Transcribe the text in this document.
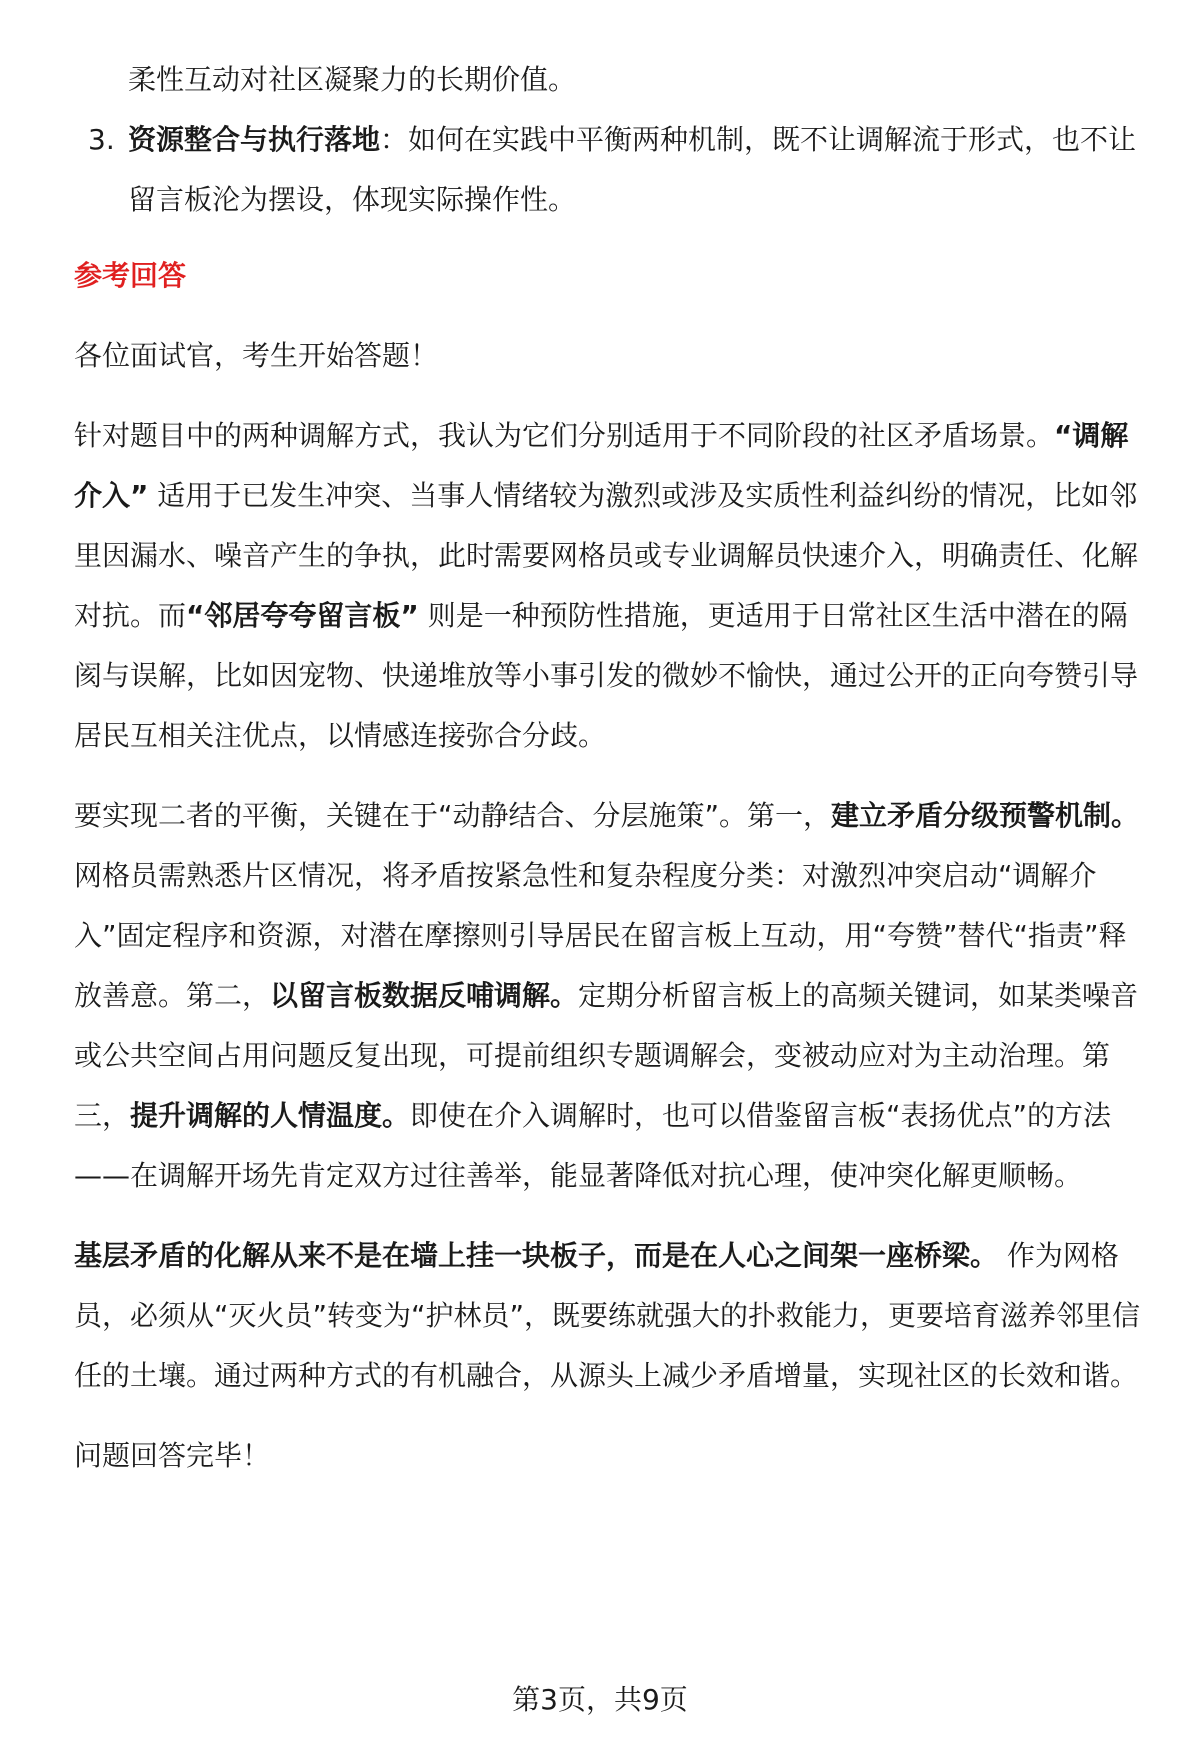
柔性互动对社区凝聚力的长期价值。

3. 资源整合与执行落地：如何在实践中平衡两种机制，既不让调解流于形式，也不让留言板沦为摆设，体现实际操作性。

参考回答

各位面试官，考生开始答题！

针对题目中的两种调解方式，我认为它们分别适用于不同阶段的社区矛盾场景。“调解介入” 适用于已发生冲突、当事人情绪较为激烈或涉及实质性利益纠纷的情况，比如邻里因漏水、噪音产生的争执，此时需要网格员或专业调解员快速介入，明确责任、化解对抗。而“邻居夸夸留言板” 则是一种预防性措施，更适用于日常社区生活中潜在的隔阂与误解，比如因宠物、快递堆放等小事引发的微妙不愉快，通过公开的正向夸赞引导居民互相关注优点，以情感连接弥合分歧。

要实现二者的平衡，关键在于“动静结合、分层施策”。第一，建立矛盾分级预警机制。网格员需熟悉片区情况，将矛盾按紧急性和复杂程度分类：对激烈冲突启动“调解介入”固定程序和资源，对潜在摩擦则引导居民在留言板上互动，用“夸赞”替代“指责”释放善意。第二，以留言板数据反哺调解。定期分析留言板上的高频关键词，如某类噪音或公共空间占用问题反复出现，可提前组织专题调解会，变被动应对为主动治理。第三，提升调解的人情温度。即使在介入调解时，也可以借鉴留言板“表扬优点”的方法——在调解开场先肯定双方过往善举，能显著降低对抗心理，使冲突化解更顺畅。

基层矛盾的化解从来不是在墙上挂一块板子，而是在人心之间架一座桥梁。 作为网格员，必须从“灭火员”转变为“护林员”，既要练就强大的扑救能力，更要培育滋养邻里信任的土壤。通过两种方式的有机融合，从源头上减少矛盾增量，实现社区的长效和谐。

问题回答完毕！

第3页，共9页
